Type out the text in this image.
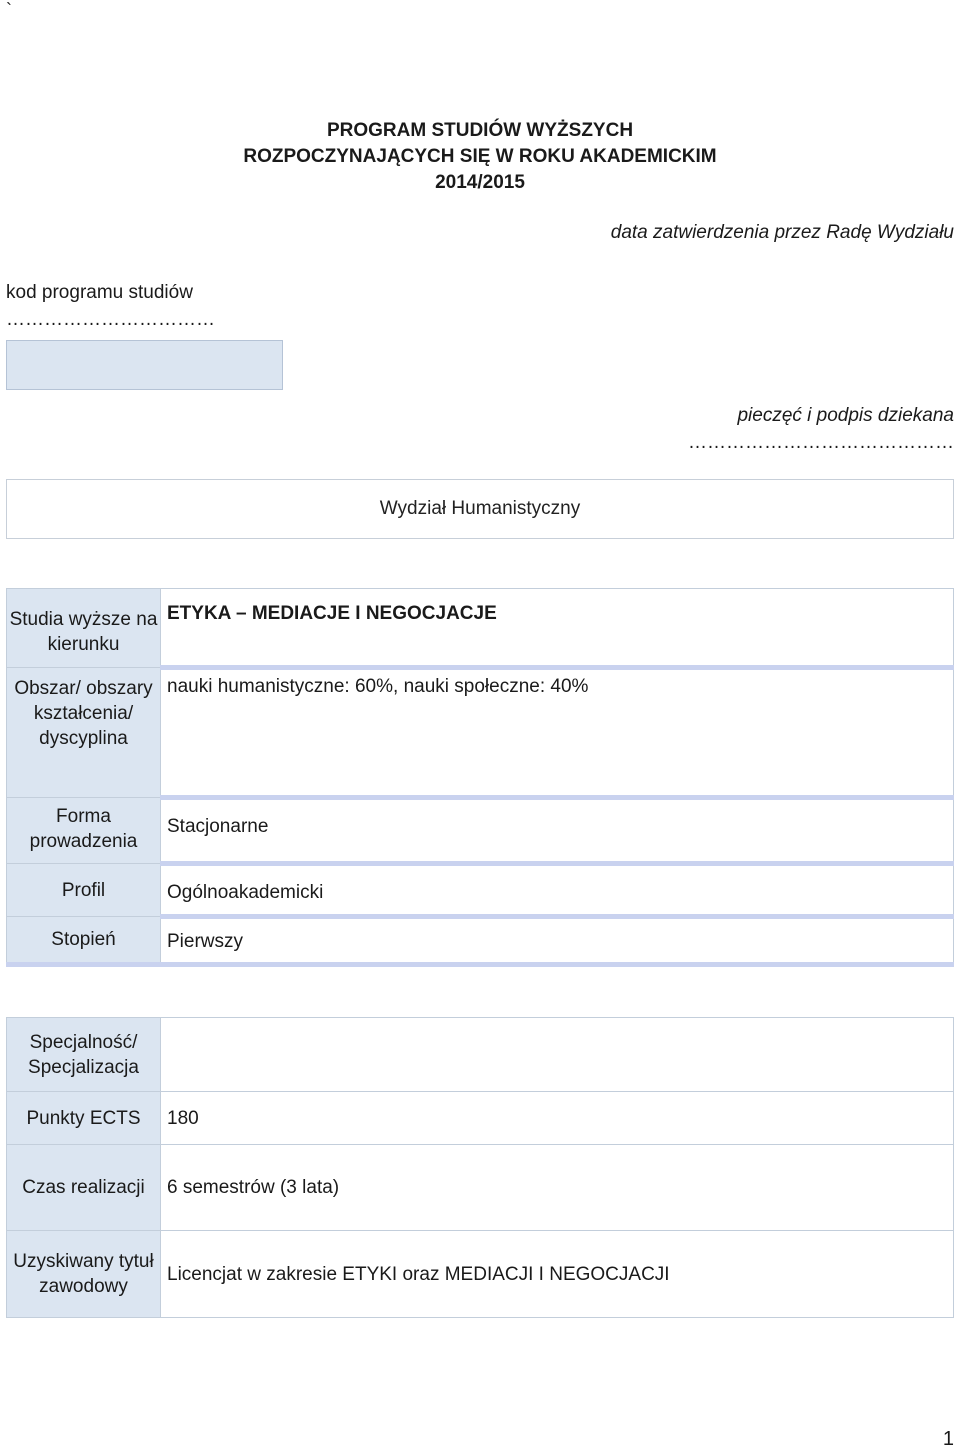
`
PROGRAM STUDIÓW WYŻSZYCH
ROZPOCZYNAJĄCYCH SIĘ W ROKU AKADEMICKIM
2014/2015
data zatwierdzenia przez Radę Wydziału
kod programu studiów
……………………………
pieczęć i podpis dziekana
……………………………………
Wydział Humanistyczny
Studia wyższe na kierunku	ETYKA – MEDIACJE I NEGOCJACJE
Obszar/ obszary kształcenia/ dyscyplina	nauki humanistyczne: 60%, nauki społeczne: 40%
Forma prowadzenia	Stacjonarne
Profil	Ogólnoakademicki
Stopień	Pierwszy
Specjalność/ Specjalizacja	
Punkty ECTS	180
Czas realizacji	6 semestrów (3 lata)
Uzyskiwany tytuł zawodowy	Licencjat w zakresie ETYKI oraz MEDIACJI I NEGOCJACJI
1
